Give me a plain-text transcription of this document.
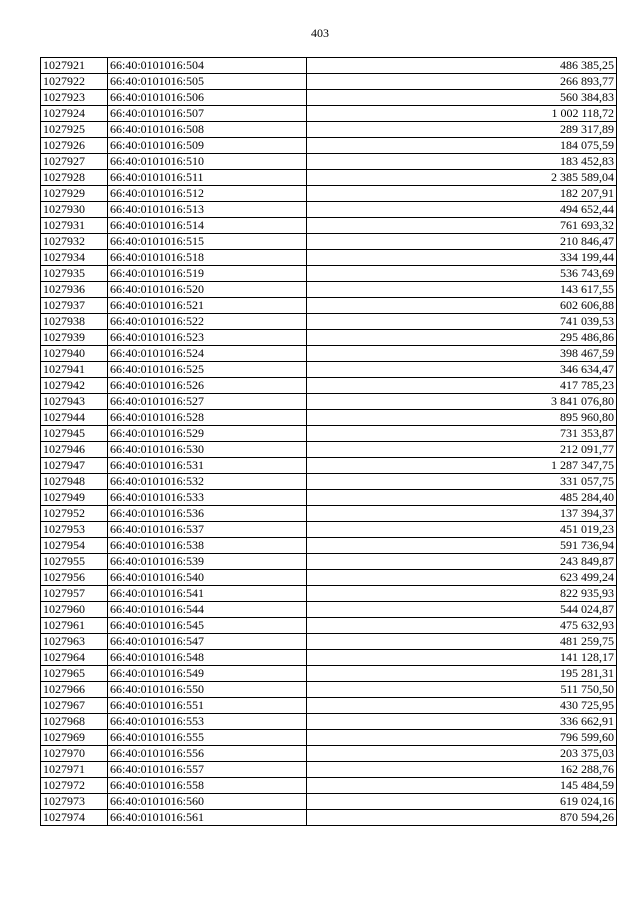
403
1027921	66:40:0101016:504	486 385,25
1027922	66:40:0101016:505	266 893,77
1027923	66:40:0101016:506	560 384,83
1027924	66:40:0101016:507	1 002 118,72
1027925	66:40:0101016:508	289 317,89
1027926	66:40:0101016:509	184 075,59
1027927	66:40:0101016:510	183 452,83
1027928	66:40:0101016:511	2 385 589,04
1027929	66:40:0101016:512	182 207,91
1027930	66:40:0101016:513	494 652,44
1027931	66:40:0101016:514	761 693,32
1027932	66:40:0101016:515	210 846,47
1027934	66:40:0101016:518	334 199,44
1027935	66:40:0101016:519	536 743,69
1027936	66:40:0101016:520	143 617,55
1027937	66:40:0101016:521	602 606,88
1027938	66:40:0101016:522	741 039,53
1027939	66:40:0101016:523	295 486,86
1027940	66:40:0101016:524	398 467,59
1027941	66:40:0101016:525	346 634,47
1027942	66:40:0101016:526	417 785,23
1027943	66:40:0101016:527	3 841 076,80
1027944	66:40:0101016:528	895 960,80
1027945	66:40:0101016:529	731 353,87
1027946	66:40:0101016:530	212 091,77
1027947	66:40:0101016:531	1 287 347,75
1027948	66:40:0101016:532	331 057,75
1027949	66:40:0101016:533	485 284,40
1027952	66:40:0101016:536	137 394,37
1027953	66:40:0101016:537	451 019,23
1027954	66:40:0101016:538	591 736,94
1027955	66:40:0101016:539	243 849,87
1027956	66:40:0101016:540	623 499,24
1027957	66:40:0101016:541	822 935,93
1027960	66:40:0101016:544	544 024,87
1027961	66:40:0101016:545	475 632,93
1027963	66:40:0101016:547	481 259,75
1027964	66:40:0101016:548	141 128,17
1027965	66:40:0101016:549	195 281,31
1027966	66:40:0101016:550	511 750,50
1027967	66:40:0101016:551	430 725,95
1027968	66:40:0101016:553	336 662,91
1027969	66:40:0101016:555	796 599,60
1027970	66:40:0101016:556	203 375,03
1027971	66:40:0101016:557	162 288,76
1027972	66:40:0101016:558	145 484,59
1027973	66:40:0101016:560	619 024,16
1027974	66:40:0101016:561	870 594,26
